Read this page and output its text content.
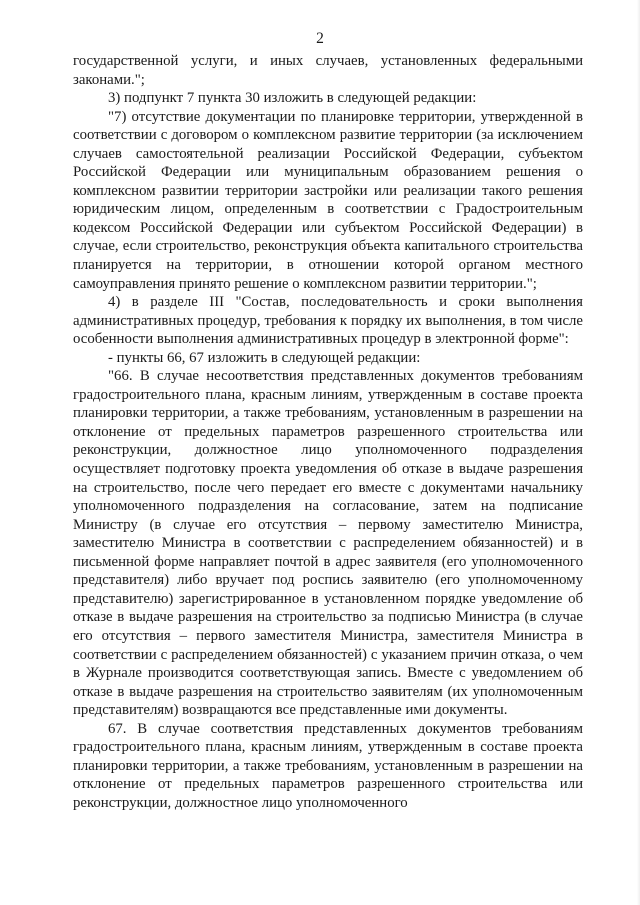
2

государственной услуги, и иных случаев, установленных федеральными законами.";

3) подпункт 7 пункта 30 изложить в следующей редакции:

"7) отсутствие документации по планировке территории, утвержденной в соответствии с договором о комплексном развитие территории (за исключением случаев самостоятельной реализации Российской Федерации, субъектом Российской Федерации или муниципальным образованием решения о комплексном развитии территории застройки или реализации такого решения юридическим лицом, определенным в соответствии с Градостроительным кодексом Российской Федерации или субъектом Российской Федерации) в случае, если строительство, реконструкция объекта капитального строительства планируется на территории, в отношении которой органом местного самоуправления принято решение о комплексном развитии территории.";

4) в разделе III "Состав, последовательность и сроки выполнения административных процедур, требования к порядку их выполнения, в том числе особенности выполнения административных процедур в электронной форме":

- пункты 66, 67 изложить в следующей редакции:

"66. В случае несоответствия представленных документов требованиям градостроительного плана, красным линиям, утвержденным в составе проекта планировки территории, а также требованиям, установленным в разрешении на отклонение от предельных параметров разрешенного строительства или реконструкции, должностное лицо уполномоченного подразделения осуществляет подготовку проекта уведомления об отказе в выдаче разрешения на строительство, после чего передает его вместе с документами начальнику уполномоченного подразделения на согласование, затем на подписание Министру (в случае его отсутствия – первому заместителю Министра, заместителю Министра в соответствии с распределением обязанностей) и в письменной форме направляет почтой в адрес заявителя (его уполномоченного представителя) либо вручает под роспись заявителю (его уполномоченному представителю) зарегистрированное в установленном порядке уведомление об отказе в выдаче разрешения на строительство за подписью Министра (в случае его отсутствия – первого заместителя Министра, заместителя Министра в соответствии с распределением обязанностей) с указанием причин отказа, о чем в Журнале производится соответствующая запись. Вместе с уведомлением об отказе в выдаче разрешения на строительство заявителям (их уполномоченным представителям) возвращаются все представленные ими документы.

67. В случае соответствия представленных документов требованиям градостроительного плана, красным линиям, утвержденным в составе проекта планировки территории, а также требованиям, установленным в разрешении на отклонение от предельных параметров разрешенного строительства или реконструкции, должностное лицо уполномоченного
